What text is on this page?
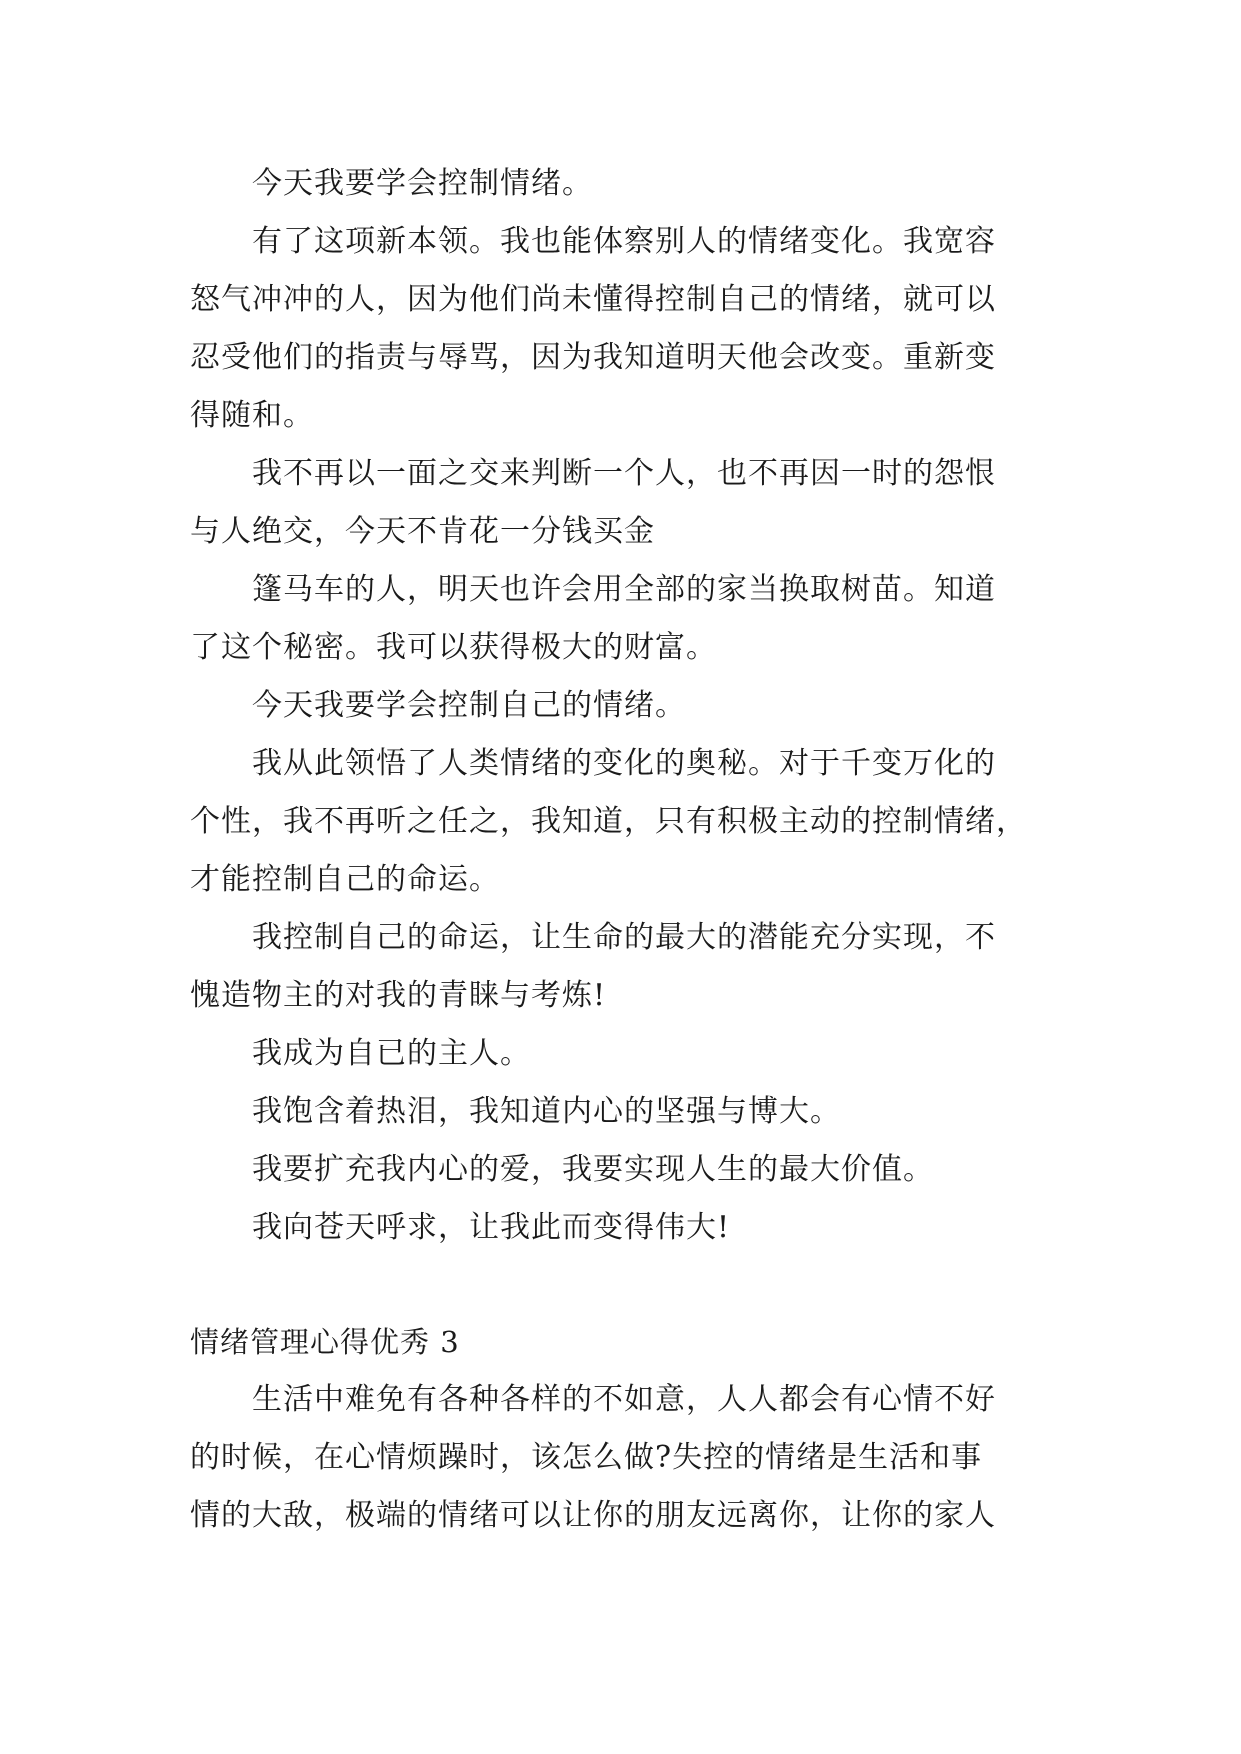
今天我要学会控制情绪。
有了这项新本领。我也能体察别人的情绪变化。我宽容
怒气冲冲的人，因为他们尚未懂得控制自己的情绪，就可以
忍受他们的指责与辱骂，因为我知道明天他会改变。重新变
得随和。
我不再以一面之交来判断一个人，也不再因一时的怨恨
与人绝交，今天不肯花一分钱买金
篷马车的人，明天也许会用全部的家当换取树苗。知道
了这个秘密。我可以获得极大的财富。
今天我要学会控制自己的情绪。
我从此领悟了人类情绪的变化的奥秘。对于千变万化的
个性，我不再听之任之，我知道，只有积极主动的控制情绪，
才能控制自己的命运。
我控制自己的命运，让生命的最大的潜能充分实现，不
愧造物主的对我的青睐与考炼!
我成为自已的主人。
我饱含着热泪，我知道内心的坚强与博大。
我要扩充我内心的爱，我要实现人生的最大价值。
我向苍天呼求，让我此而变得伟大!
情绪管理心得优秀 3
生活中难免有各种各样的不如意，人人都会有心情不好
的时候，在心情烦躁时，该怎么做?失控的情绪是生活和事
情的大敌，极端的情绪可以让你的朋友远离你，让你的家人
